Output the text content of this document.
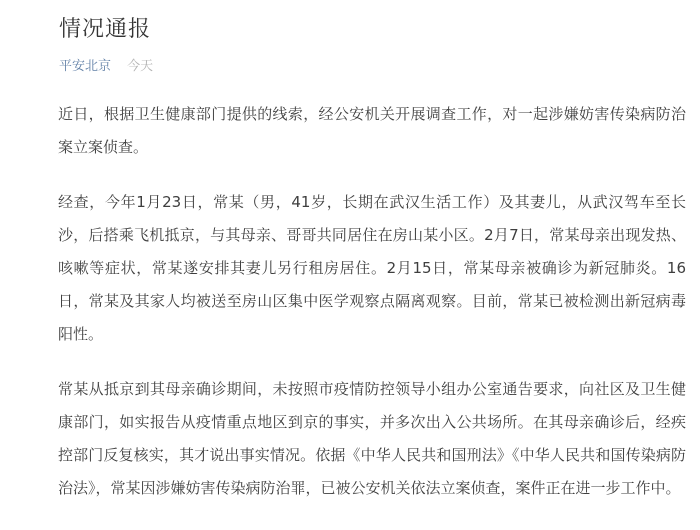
情况通报
平安北京 今天

近日，根据卫生健康部门提供的线索，经公安机关开展调查工作，对一起涉嫌妨害传染病防治案立案侦查。

经查，今年1月23日，常某（男，41岁，长期在武汉生活工作）及其妻儿，从武汉驾车至长沙，后搭乘飞机抵京，与其母亲、哥哥共同居住在房山某小区。2月7日，常某母亲出现发热、咳嗽等症状，常某遂安排其妻儿另行租房居住。2月15日，常某母亲被确诊为新冠肺炎。16日，常某及其家人均被送至房山区集中医学观察点隔离观察。目前，常某已被检测出新冠病毒阳性。

常某从抵京到其母亲确诊期间，未按照市疫情防控领导小组办公室通告要求，向社区及卫生健康部门，如实报告从疫情重点地区到京的事实，并多次出入公共场所。在其母亲确诊后，经疾控部门反复核实，其才说出事实情况。依据《中华人民共和国刑法》《中华人民共和国传染病防治法》，常某因涉嫌妨害传染病防治罪，已被公安机关依法立案侦查，案件正在进一步工作中。
